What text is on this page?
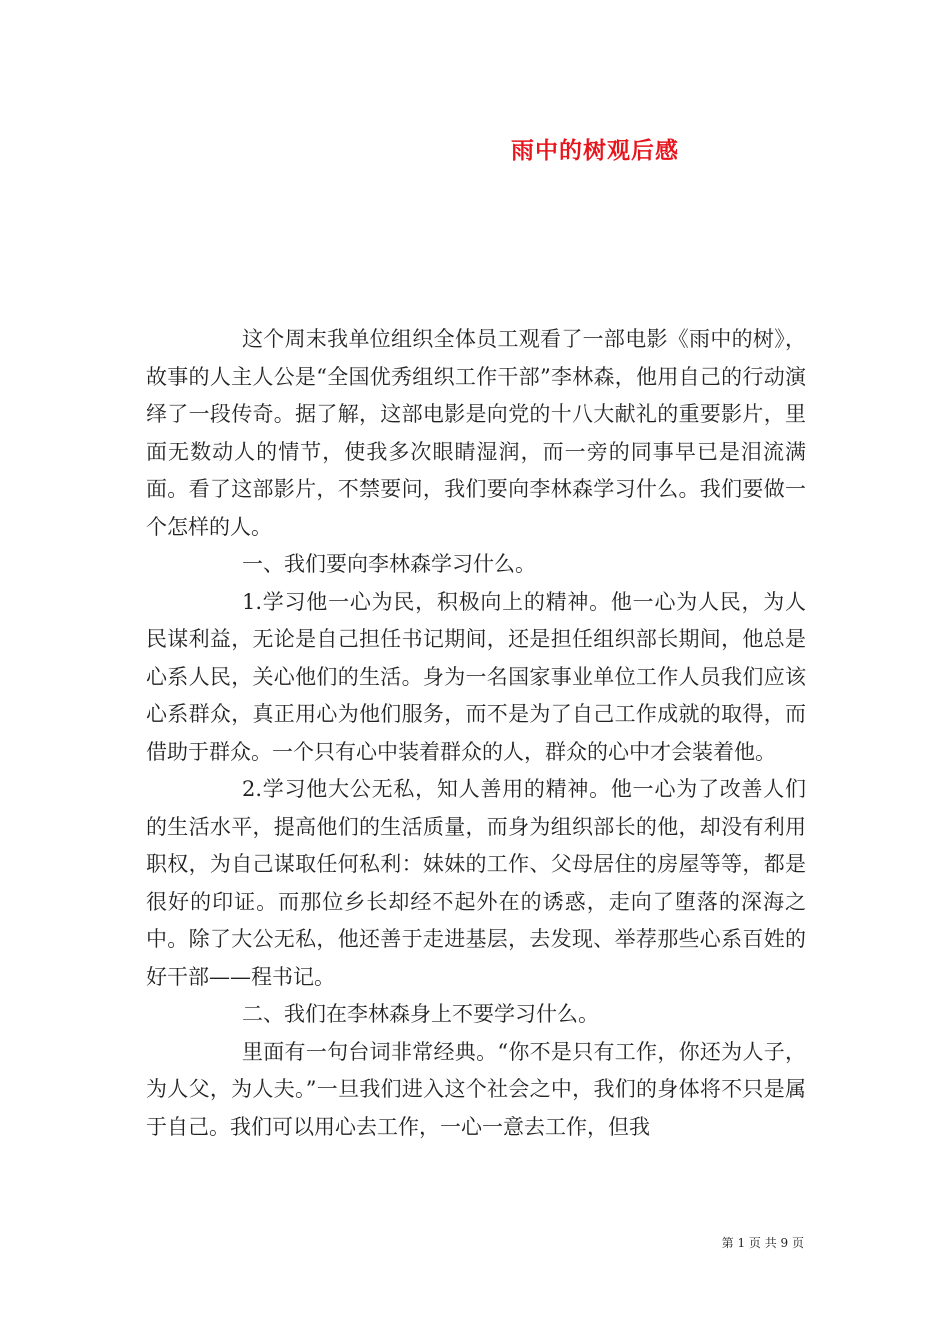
雨中的树观后感

这个周末我单位组织全体员工观看了一部电影《雨中的树》，故事的人主人公是“全国优秀组织工作干部”李林森，他用自己的行动演绎了一段传奇。据了解，这部电影是向党的十八大献礼的重要影片，里面无数动人的情节，使我多次眼睛湿润，而一旁的同事早已是泪流满面。看了这部影片，不禁要问，我们要向李林森学习什么。我们要做一个怎样的人。

一、我们要向李林森学习什么。

1.学习他一心为民，积极向上的精神。他一心为人民，为人民谋利益，无论是自己担任书记期间，还是担任组织部长期间，他总是心系人民，关心他们的生活。身为一名国家事业单位工作人员我们应该心系群众，真正用心为他们服务，而不是为了自己工作成就的取得，而借助于群众。一个只有心中装着群众的人，群众的心中才会装着他。

2.学习他大公无私，知人善用的精神。他一心为了改善人们的生活水平，提高他们的生活质量，而身为组织部长的他，却没有利用职权，为自己谋取任何私利：妹妹的工作、父母居住的房屋等等，都是很好的印证。而那位乡长却经不起外在的诱惑，走向了堕落的深海之中。除了大公无私，他还善于走进基层，去发现、举荐那些心系百姓的好干部——程书记。

二、我们在李林森身上不要学习什么。

里面有一句台词非常经典。“你不是只有工作，你还为人子，为人父，为人夫。”一旦我们进入这个社会之中，我们的身体将不只是属于自己。我们可以用心去工作，一心一意去工作，但我

第 1 页 共 9 页
